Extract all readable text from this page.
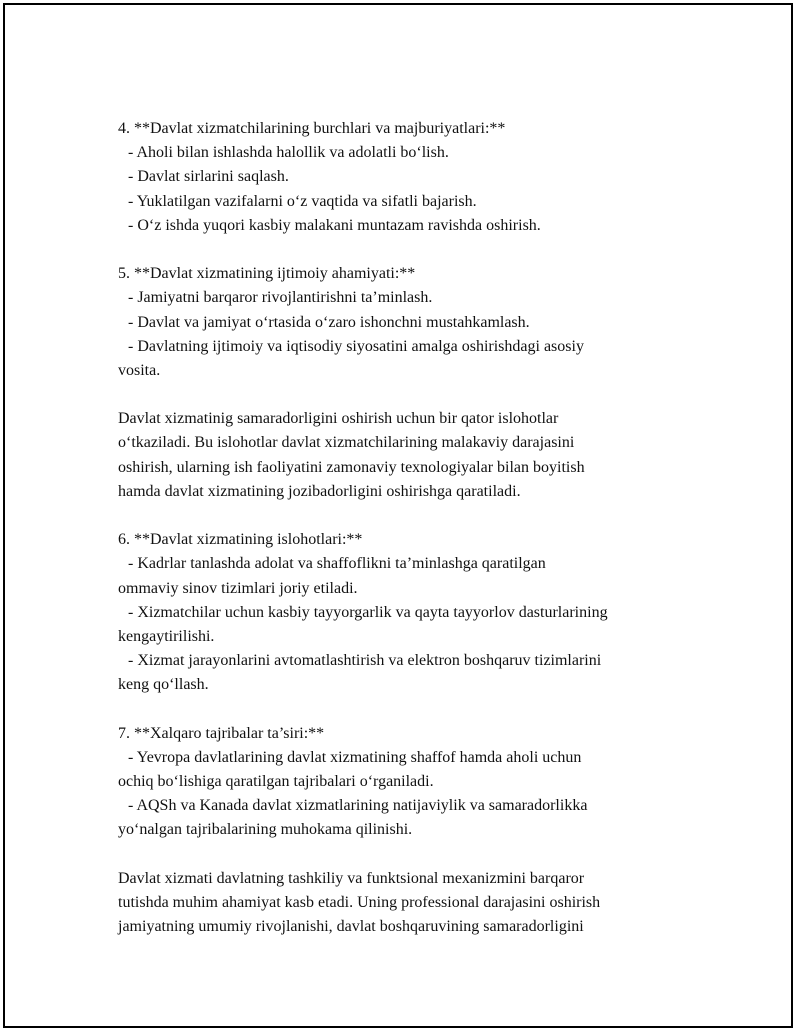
4. **Davlat xizmatchilarining burchlari va majburiyatlari:**
- Aholi bilan ishlashda halollik va adolatli bo‘lish.
- Davlat sirlarini saqlash.
- Yuklatilgan vazifalarni o‘z vaqtida va sifatli bajarish.
- O‘z ishda yuqori kasbiy malakani muntazam ravishda oshirish.
5. **Davlat xizmatining ijtimoiy ahamiyati:**
- Jamiyatni barqaror rivojlantirishni ta’minlash.
- Davlat va jamiyat o‘rtasida o‘zaro ishonchni mustahkamlash.
- Davlatning ijtimoiy va iqtisodiy siyosatini amalga oshirishdagi asosiy
vosita.
Davlat xizmatinig samaradorligini oshirish uchun bir qator islohotlar
o‘tkaziladi. Bu islohotlar davlat xizmatchilarining malakaviy darajasini
oshirish, ularning ish faoliyatini zamonaviy texnologiyalar bilan boyitish
hamda davlat xizmatining jozibadorligini oshirishga qaratiladi.
6. **Davlat xizmatining islohotlari:**
- Kadrlar tanlashda adolat va shaffoflikni ta’minlashga qaratilgan
ommaviy sinov tizimlari joriy etiladi.
- Xizmatchilar uchun kasbiy tayyorgarlik va qayta tayyorlov dasturlarining
kengaytirilishi.
- Xizmat jarayonlarini avtomatlashtirish va elektron boshqaruv tizimlarini
keng qo‘llash.
7. **Xalqaro tajribalar ta’siri:**
- Yevropa davlatlarining davlat xizmatining shaffof hamda aholi uchun
ochiq bo‘lishiga qaratilgan tajribalari o‘rganiladi.
- AQSh va Kanada davlat xizmatlarining natijaviylik va samaradorlikka
yo‘nalgan tajribalarining muhokama qilinishi.
Davlat xizmati davlatning tashkiliy va funktsional mexanizmini barqaror
tutishda muhim ahamiyat kasb etadi. Uning professional darajasini oshirish
jamiyatning umumiy rivojlanishi, davlat boshqaruvining samaradorligini
